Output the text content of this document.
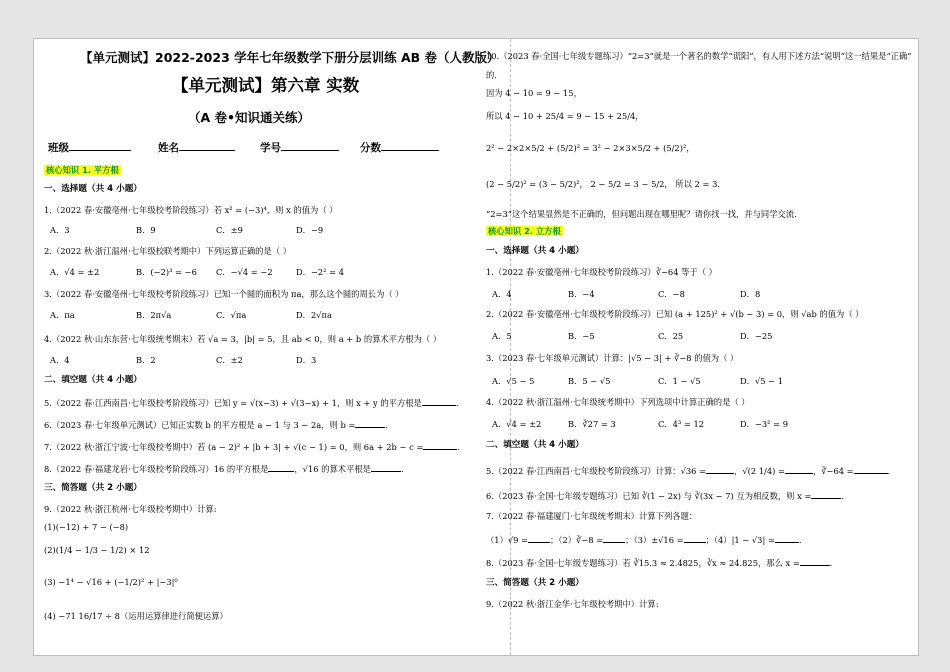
【单元测试】2022-2023 学年七年级数学下册分层训练 AB 卷（人教版）
【单元测试】第六章 实数
（A 卷•知识通关练）
班级	姓名	学号	分数
核心知识 1. 平方根
一、选择题（共 4 小题）
1.（2022 春·安徽亳州·七年级校考阶段练习）若 x² = (−3)⁴，则 x 的值为（ ）
A．3	B．9	C．±9	D．−9
2.（2022 秋·浙江温州·七年级校联考期中）下列运算正确的是（ ）
A．√4 = ±2	B．(−2)³ = −6 C．−√4 = −2	D．−2² = 4
3.（2022 春·安徽亳州·七年级校考阶段练习）已知一个圆的面积为 πa，那么这个圆的周长为（ ）
A．πa	B．2π√a	C．√πa	D．2√πa
4.（2022 秋·山东东营·七年级统考期末）若 √a = 3，|b| = 5，且 ab < 0，则 a + b 的算术平方根为（ ）
A．4	B．2	C．±2	D．3
二、填空题（共 4 小题）
5.（2022 春·江西南昌·七年级校考阶段练习）已知 y = √(x−3) + √(3−x) + 1，则 x + y 的平方根是	.
6.（2023 春·七年级单元测试）已知正实数 b 的平方根是 a − 1 与 3 − 2a，则 b =	.
7.（2022 秋·浙江宁波·七年级校考期中）若 (a − 2)² + |b + 3| + √(c − 1) = 0，则 6a + 2b − c =	.
8.（2022 春·福建龙岩·七年级校考阶段练习）16 的平方根是	，√16 的算术平根是	.
三、简答题（共 2 小题）
9.（2022 秋·浙江杭州·七年级校考期中）计算:
(1)(−12) + 7 − (−8)
(2)(1/4 − 1/3 − 1/2) × 12
(3) −1⁴ − √16 + (−1/2)² + |−3|⁰
(4) −71 16/17 ÷ 8（运用运算律进行简便运算）
10.（2023 春·全国·七年级专题练习）“2=3”就是一个著名的数学“谎阳”，有人用下述方法“说明”这一结果是“正确”
的.
因为 4 − 10 = 9 − 15，
所以 4 − 10 + 25/4 = 9 − 15 + 25/4，
2² − 2×2×5/2 + (5/2)² = 3² − 2×3×5/2 + (5/2)²，
(2 − 5/2)² = (3 − 5/2)²， 2 − 5/2 = 3 − 5/2， 所以 2 = 3．
“2=3”这个结果显然是不正确的，但问题出现在哪里呢？请你找一找，并与同学交流.
核心知识 2. 立方根
一、选择题（共 4 小题）
1.（2022 春·安徽亳州·七年级校考阶段练习）∛−64 等于（ ）
A．4	B．−4	C．−8	D．8
2.（2022 春·安徽亳州·七年级校考阶段练习）已知 (a + 125)² + √(b − 3) = 0，则 √ab 的值为（ ）
A．5	B．−5	C．25	D．−25
3.（2023 春·七年级单元测试）计算：|√5 − 3| + ∛−8 的值为（ ）
A．√5 − 5	B．5 − √5	C．1 − √5	D．√5 − 1
4.（2022 秋·浙江温州·七年级统考期中）下列选项中计算正确的是（ ）
A．√4 = ±2	B．∛27 = 3	C．4³ = 12	D．−3² = 9
二、填空题（共 4 小题）
5.（2022 春·江西南昌·七年级校考阶段练习）计算：√36 =	，√(2 1/4) =	，∛−64 =	.
6.（2023 春·全国·七年级专题练习）已知 ∛(1 − 2x) 与 ∛(3x − 7) 互为相反数，则 x =	.
7.（2022 春·福建厦门·七年级统考期末）计算下列各题：
（1）√9 =	；（2）∛−8 =	；（3）±√16 =	；（4）|1 − √3| =	.
8.（2023 春·全国·七年级专题练习）若 ∛15.3 ≈ 2.4825，∛x ≈ 24.825，那么 x =	.
三、简答题（共 2 小题）
9.（2022 秋·浙江金华·七年级校考期中）计算:
